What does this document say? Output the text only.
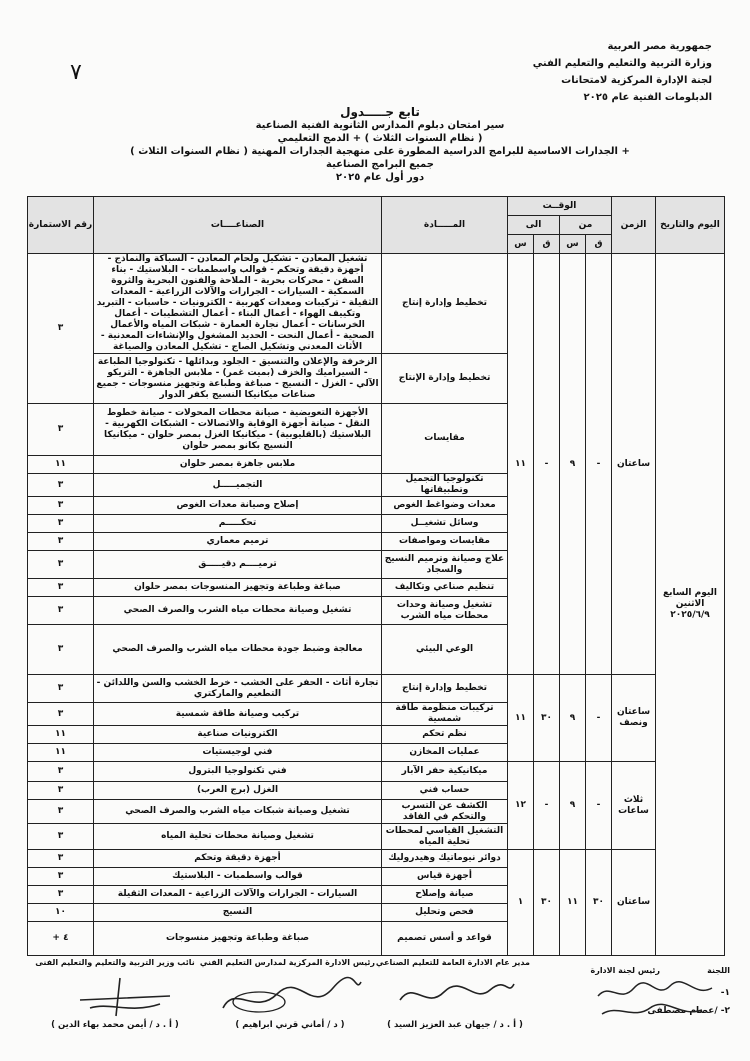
جمهورية مصر العربية
وزارة التربية والتعليم والتعليم الفني
لجنة الإدارة المركزية لامتحانات
الدبلومات الفنية عام ٢٠٢٥
٧
تابع جـــــدول
سير امتحان دبلوم المدارس الثانوية الفنية الصناعية
( نظام السنوات الثلاث ) + الدمج التعليمي
+ الجدارات الاساسية للبرامج الدراسية المطورة على منهجية الجدارات المهنية ( نظام السنوات الثلاث )
جميع البرامج الصناعية
دور أول عام ٢٠٢٥
اليوم والتاريخ	الزمن	الوقــت				المـــــادة	الصناعــــات	رقم الاستمارة
		من		الى				
		ق	س	ق	س			
اليوم السابع الاثنين ٢٠٢٥/٦/٩	ساعتان	-	٩	-	١١	تخطيط وإدارة إنتاج	تشغيل المعادن - تشكيل ولحام المعادن - السباكة والنماذج - أجهزة دقيقة وتحكم - قوالب واسطمبات - البلاستيك - بناء السفن - محركات بحرية - الملاحة والفنون البحرية والثروة السمكية - السيارات - الجرارات والآلات الزراعية - المعدات الثقيلة - تركيبات ومعدات كهربية - الكترونيات - حاسبات - التبريد وتكييف الهواء - أعمال البناء - أعمال التشطيبات - أعمال الخرسانات - أعمال نجارة العمارة - شبكات المياه والأعمال الصحية - أعمال النحت - الحديد المشغول والإنشاءات المعدنية - الأثاث المعدني وتشكيل الصاج - تشكيل المعادن والصياغة	٣
						تخطيط وإدارة الإنتاج	الزخرفة والإعلان والتنسيق - الجلود وبدائلها - تكنولوجيا الطباعة - السيراميك والخزف (بميت غمر) - ملابس الجاهزة - التريكو الآلي - الغزل - النسيج - صباغة وطباعة وتجهيز منسوجات - جميع صناعات ميكانيكا النسيج بكفر الدوار	
						مقايسات	الأجهزة التعويضية - صيانة محطات المحولات - صيانة خطوط النقل - صيانة أجهزة الوقاية والاتصالات - الشبكات الكهربية - البلاستيك (بالقليوبية) - ميكانيكا الغزل بمصر حلوان - ميكانيكا النسيج بكانو بمصر حلوان	٣
							ملابس جاهزة بمصر حلوان	١١
						تكنولوجيا التجميل وتطبيقاتها	التجميـــــل	٣
						معدات وضواغط الغوص	إصلاح وصيانة معدات الغوص	٣
						وسائل تشغيــل	تحكـــــم	٣
						مقايسات ومواصفات	ترميم معماري	٣
						علاج وصيانة وترميم النسيج والسجاد	ترميــــم دقيـــــق	٣
						تنظيم صناعي وتكاليف	صباغة وطباعة وتجهيز المنسوجات بمصر حلوان	٣
						تشغيل وصيانة وحدات محطات مياه الشرب	تشغيل وصيانة محطات مياه الشرب والصرف الصحي	٣
						الوعي البيئي	معالجة وضبط جودة محطات مياه الشرب والصرف الصحي	٣
	ساعتان ونصف	-	٩	٣٠	١١	تخطيط وإدارة إنتاج	تجارة أثاث - الحفر على الخشب - خرط الخشب والسن واللدائن - التطعيم والماركتري	٣
						تركيبات منظومة طاقة شمسية	تركيب وصيانة طاقة شمسية	٣
						نظم تحكم	الكترونيات صناعية	١١
						عمليات المخازن	فني لوجيستيات	١١
	ثلاث ساعات	-	٩	-	١٢	ميكانيكية حفر الآبار	فني تكنولوجيا البترول	٣
						حساب فني	الغزل (برج العرب)	٣
						الكشف عن التسرب والتحكم في الفاقد	تشغيل وصيانة شبكات مياه الشرب والصرف الصحي	٣
						التشغيل القياسي لمحطات تحلية المياه	تشغيل وصيانة محطات تحلية المياه	٣
	ساعتان	٣٠	١١	٣٠	١	دوائر نيوماتيك وهيدروليك	أجهزة دقيقة وتحكم	٣
						أجهزة قياس	قوالب واسطمبات - البلاستيك	٣
						صيانة وإصلاح	السيارات - الجرارات والآلات الزراعية - المعدات الثقيلة	٣
						فحص وتحليل	النسيج	١٠
						قواعد و أسس تصميم	صباغة وطباعة وتجهيز منسوجات	٤ +
اللجنة
رئيس لجنة الادارة
١-
٢- /عصام مصطفى
مدير عام الادارة العامة للتعليم الصناعي
( أ . د / جيهان عبد العزيز السيد )
رئيس الادارة المركزية لمدارس التعليم الفني
( د / أماني قرني ابراهيم )
نائب وزير التربية والتعليم والتعليم الفنى
( أ . د / أيمن محمد بهاء الدين )
